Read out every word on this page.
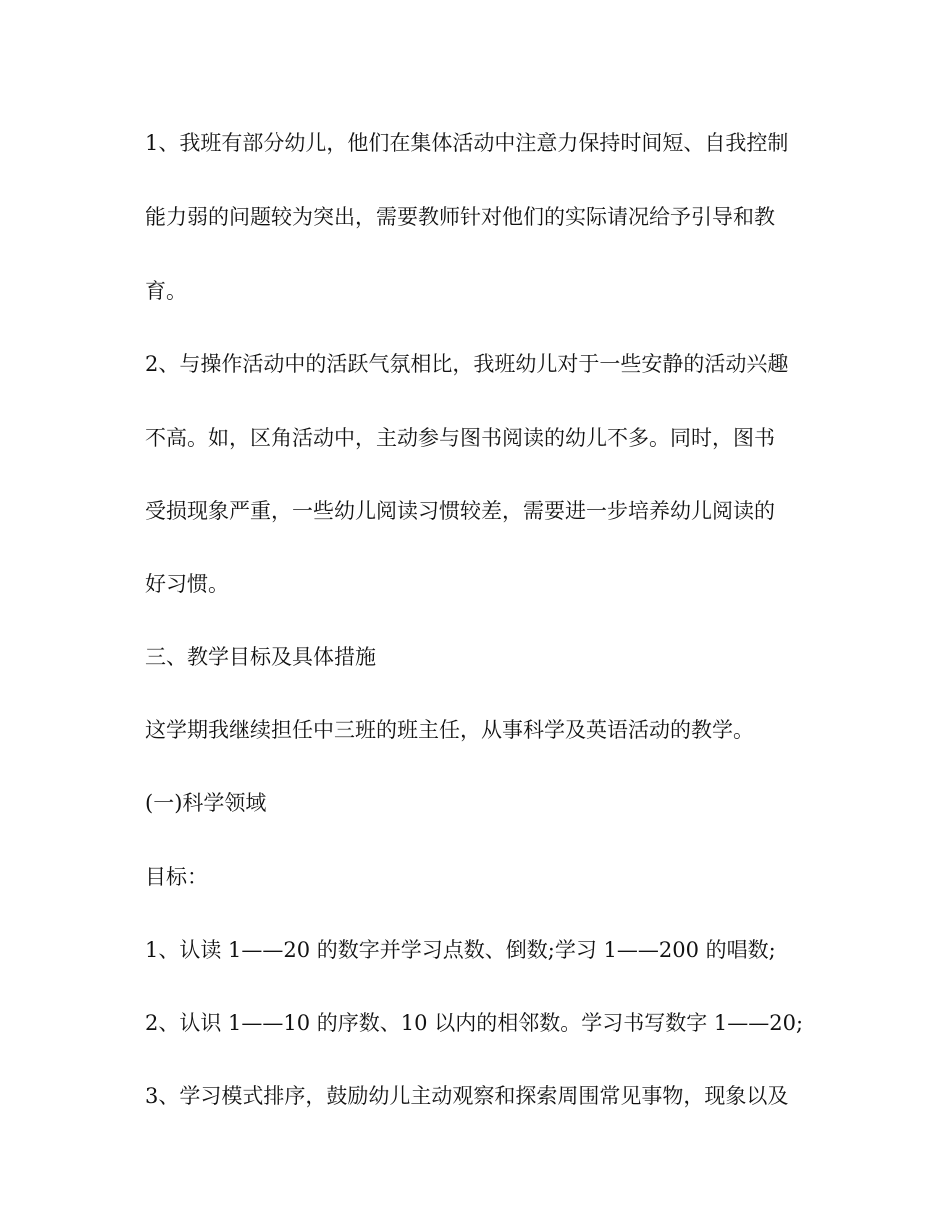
1、我班有部分幼儿，他们在集体活动中注意力保持时间短、自我控制
能力弱的问题较为突出，需要教师针对他们的实际请况给予引导和教
育。
2、与操作活动中的活跃气氛相比，我班幼儿对于一些安静的活动兴趣
不高。如，区角活动中，主动参与图书阅读的幼儿不多。同时，图书
受损现象严重，一些幼儿阅读习惯较差，需要进一步培养幼儿阅读的
好习惯。
三、教学目标及具体措施
这学期我继续担任中三班的班主任，从事科学及英语活动的教学。
(一)科学领域
目标：
1、认读 1——20 的数字并学习点数、倒数;学习 1——200 的唱数;
2、认识 1——10 的序数、10 以内的相邻数。学习书写数字 1——20;
3、学习模式排序，鼓励幼儿主动观察和探索周围常见事物，现象以及
